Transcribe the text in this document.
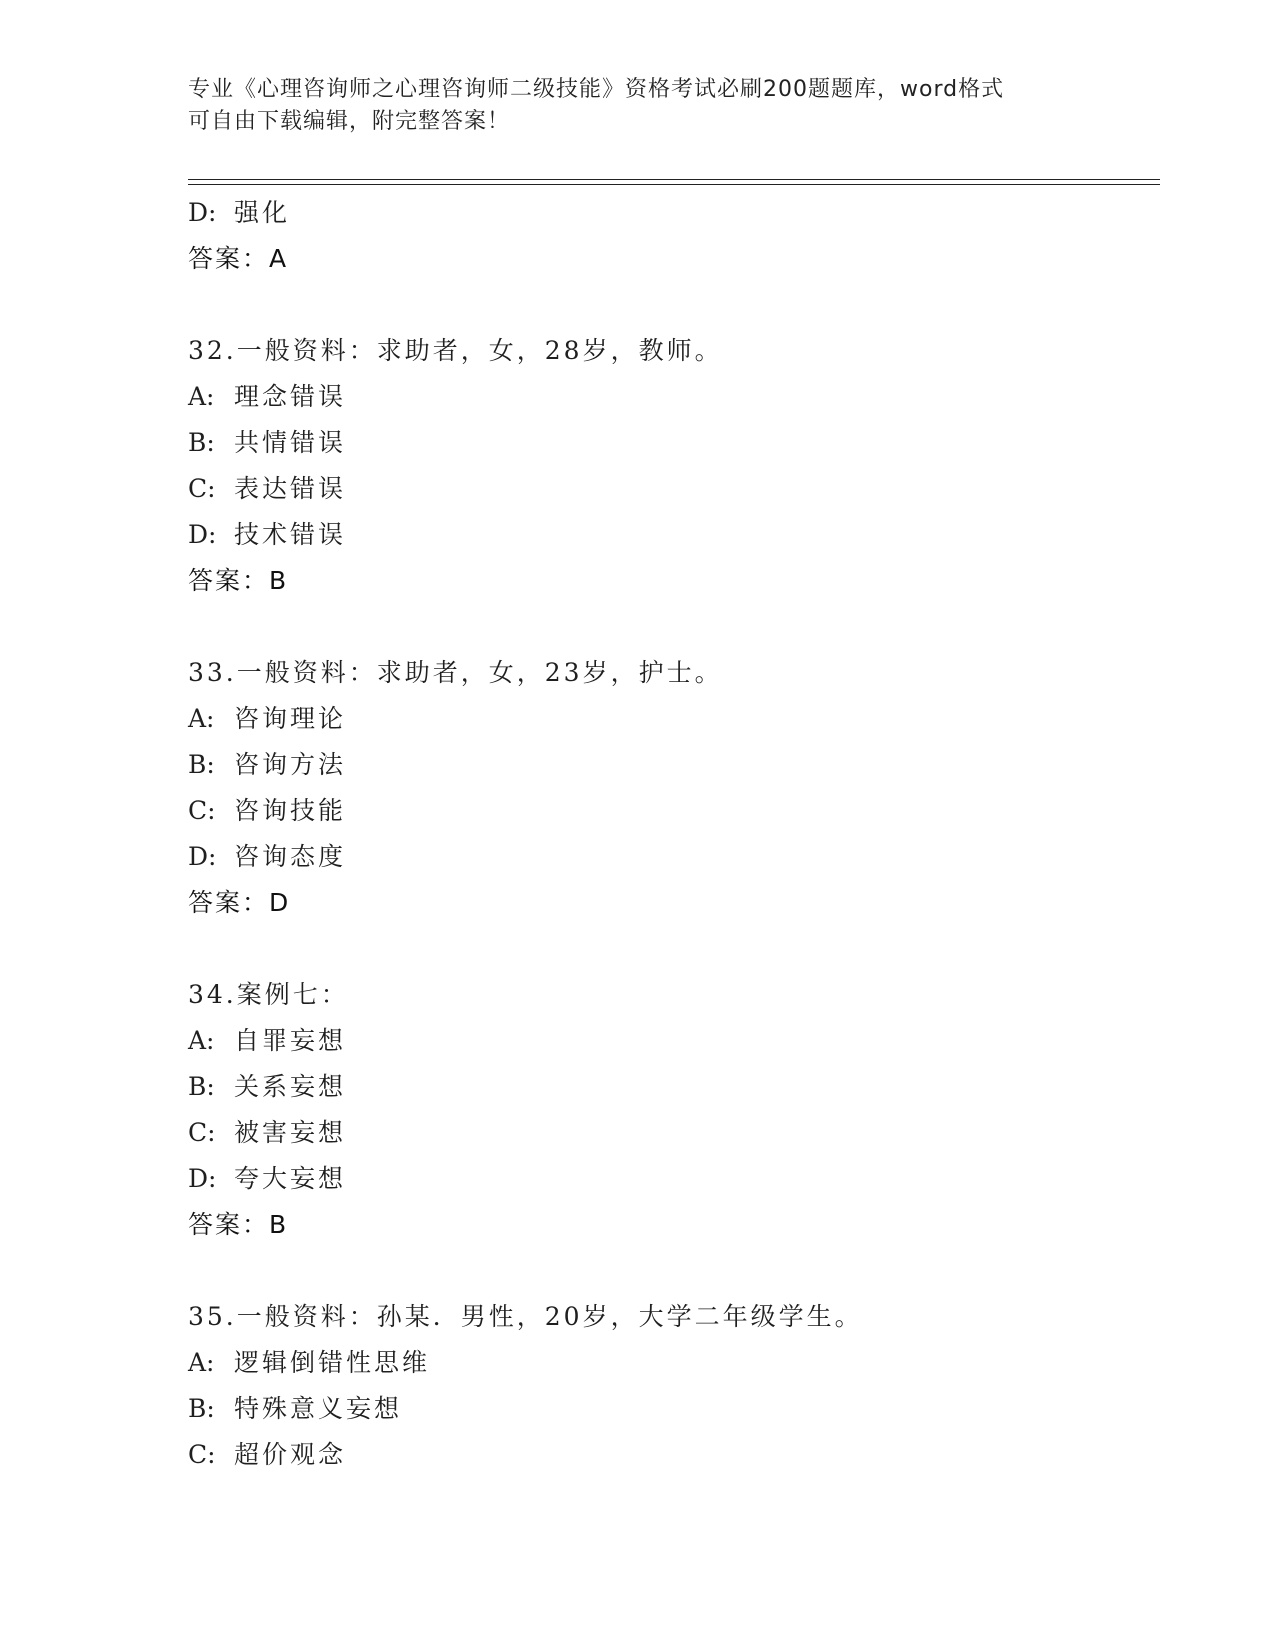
专业《心理咨询师之心理咨询师二级技能》资格考试必刷200题题库，word格式
可自由下载编辑，附完整答案！
D: 强化
答案：A
32.一般资料：求助者，女，28岁，教师。
A: 理念错误
B: 共情错误
C: 表达错误
D: 技术错误
答案：B
33.一般资料：求助者，女，23岁，护士。
A: 咨询理论
B: 咨询方法
C: 咨询技能
D: 咨询态度
答案：D
34.案例七：
A: 自罪妄想
B: 关系妄想
C: 被害妄想
D: 夸大妄想
答案：B
35.一般资料：孙某．男性，20岁，大学二年级学生。
A: 逻辑倒错性思维
B: 特殊意义妄想
C: 超价观念
